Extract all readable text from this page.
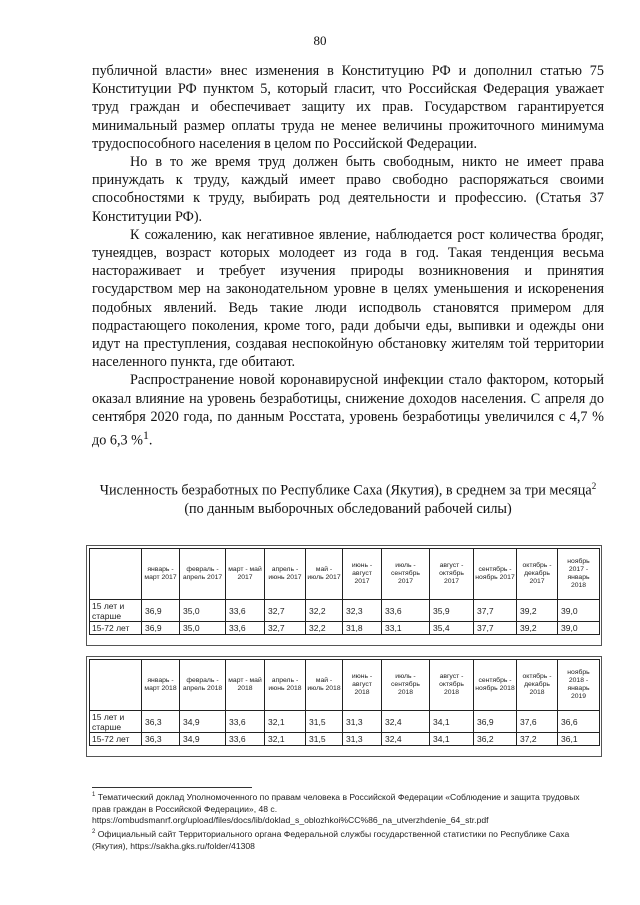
80

публичной власти» внес изменения в Конституцию РФ и дополнил статью 75 Конституции РФ пунктом 5, который гласит, что Российская Федерация уважает труд граждан и обеспечивает защиту их прав. Государством гарантируется минимальный размер оплаты труда не менее величины прожиточного минимума трудоспособного населения в целом по Российской Федерации.

Но в то же время труд должен быть свободным, никто не имеет права принуждать к труду, каждый имеет право свободно распоряжаться своими способностями к труду, выбирать род деятельности и профессию. (Статья 37 Конституции РФ).

К сожалению, как негативное явление, наблюдается рост количества бродяг, тунеядцев, возраст которых молодеет из года в год. Такая тенденция весьма настораживает и требует изучения природы возникновения и принятия государством мер на законодательном уровне в целях уменьшения и искоренения подобных явлений. Ведь такие люди исподволь становятся примером для подрастающего поколения, кроме того, ради добычи еды, выпивки и одежды они идут на преступления, создавая неспокойную обстановку жителям той территории населенного пункта, где обитают.

Распространение новой коронавирусной инфекции стало фактором, который оказал влияние на уровень безработицы, снижение доходов населения. С апреля до сентября 2020 года, по данным Росстата, уровень безработицы увеличился с 4,7 % до 6,3 %$^1$.

Численность безработных по Республике Саха (Якутия), в среднем за три месяца$^2$
(по данным выборочных обследований рабочей силы)
	январь - март 2017	февраль - апрель 2017	март - май 2017	апрель - июнь 2017	май - июль 2017	июнь - август 2017	июль - сентябрь 2017	август - октябрь 2017	сентябрь - ноябрь 2017	октябрь - декабрь 2017	ноябрь 2017 - январь 2018
15 лет и старше	36,9	35,0	33,6	32,7	32,2	32,3	33,6	35,9	37,7	39,2	39,0
15-72 лет	36,9	35,0	33,6	32,7	32,2	31,8	33,1	35,4	37,7	39,2	39,0
	январь - март 2018	февраль - апрель 2018	март - май 2018	апрель - июнь 2018	май - июль 2018	июнь - август 2018	июль - сентябрь 2018	август - октябрь 2018	сентябрь - ноябрь 2018	октябрь - декабрь 2018	ноябрь 2018 - январь 2019
15 лет и старше	36,3	34,9	33,6	32,1	31,5	31,3	32,4	34,1	36,9	37,6	36,6
15-72 лет	36,3	34,9	33,6	32,1	31,5	31,3	32,4	34,1	36,2	37,2	36,1

$^1$ Тематический доклад Уполномоченного по правам человека в Российской Федерации «Соблюдение и защита трудовых прав граждан в Российской Федерации», 48 с. https://ombudsmanrf.org/upload/files/docs/lib/doklad_s_oblozhkoi%CC%86_na_utverzhdenie_64_str.pdf

$^2$ Официальный сайт Территориального органа Федеральной службы государственной статистики по Республике Саха (Якутия), https://sakha.gks.ru/folder/41308
